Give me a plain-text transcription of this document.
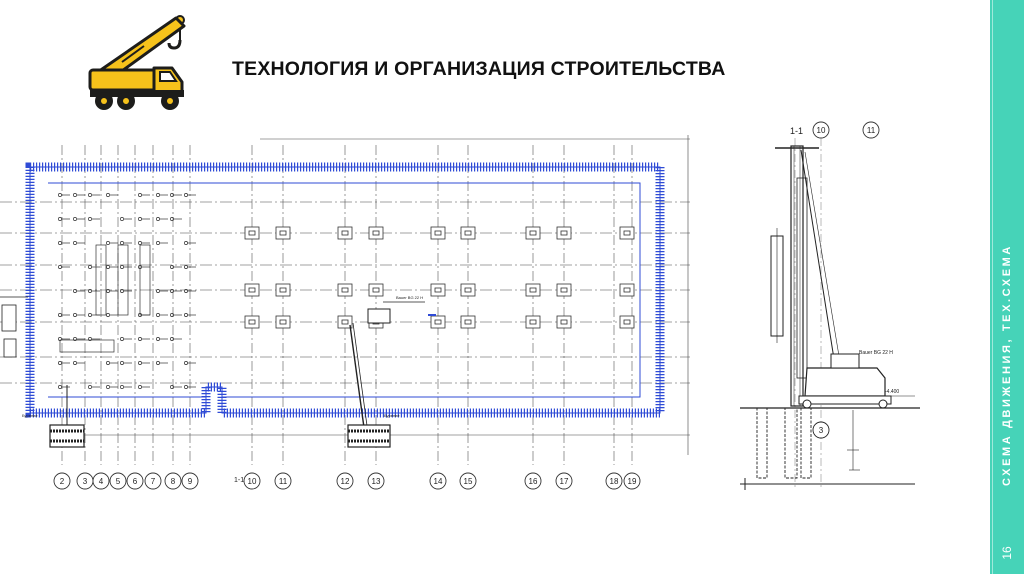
ТЕХНОЛОГИЯ И ОРГАНИЗАЦИЯ СТРОИТЕЛЬСТВА
Bauer BG 22 H
Бурение	Бурение
1-1
2 3 4 5 6 7 8 9	10	11	12	13	14	15	16	17	18 19
1-1 10	11
Bauer BG 22 H
-4.400
3	СХЕМА ДВИЖЕНИЯ, ТЕХ.СХЕМА
16
